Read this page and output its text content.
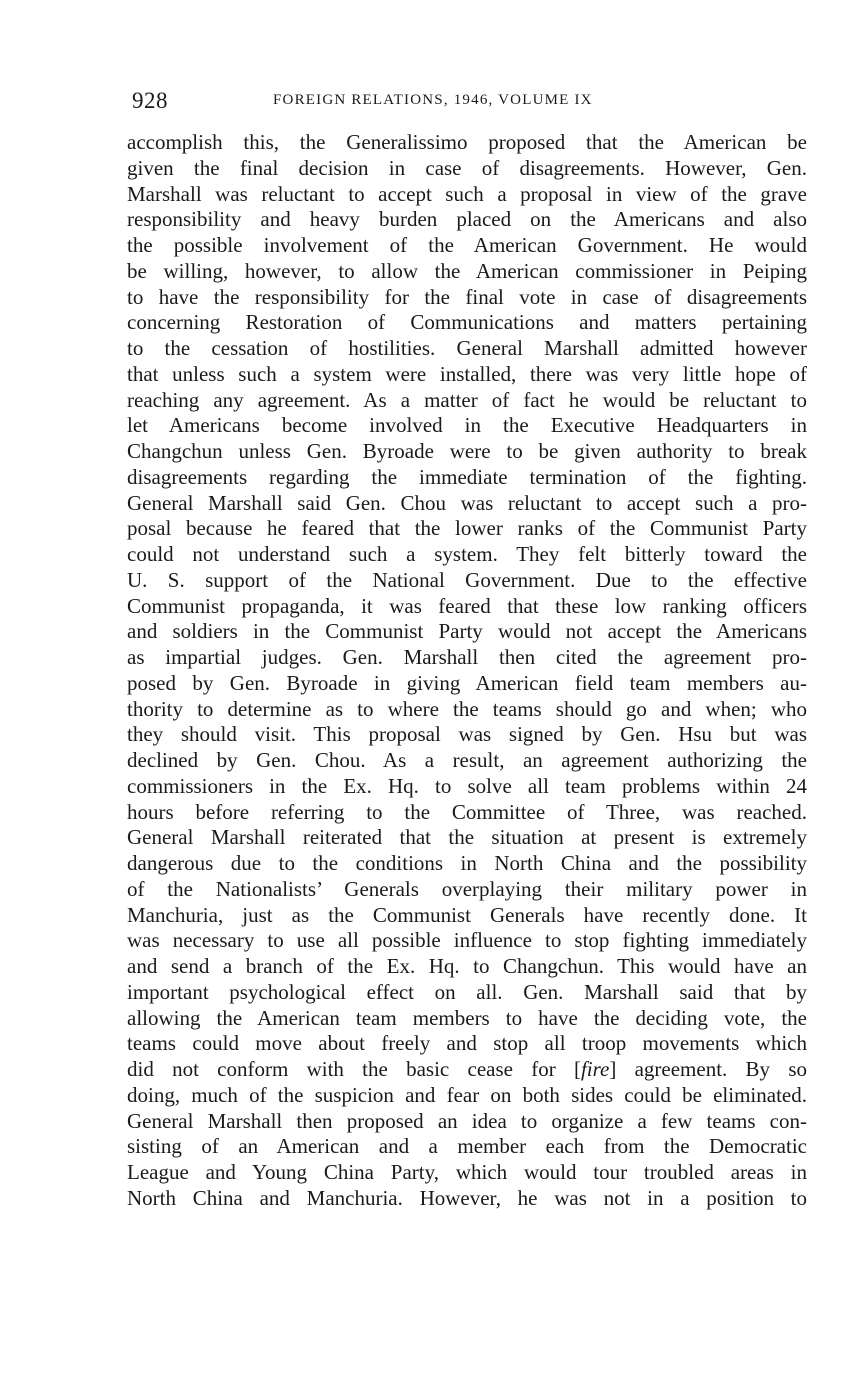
928	FOREIGN RELATIONS, 1946, VOLUME IX
accomplish this, the Generalissimo proposed that the American be
given the final decision in case of disagreements. However, Gen.
Marshall was reluctant to accept such a proposal in view of the grave
responsibility and heavy burden placed on the Americans and also
the possible involvement of the American Government. He would
be willing, however, to allow the American commissioner in Peiping
to have the responsibility for the final vote in case of disagreements
concerning Restoration of Communications and matters pertaining
to the cessation of hostilities. General Marshall admitted however
that unless such a system were installed, there was very little hope of
reaching any agreement. As a matter of fact he would be reluctant to
let Americans become involved in the Executive Headquarters in
Changchun unless Gen. Byroade were to be given authority to break
disagreements regarding the immediate termination of the fighting.
General Marshall said Gen. Chou was reluctant to accept such a pro-
posal because he feared that the lower ranks of the Communist Party
could not understand such a system. They felt bitterly toward the
U. S. support of the National Government. Due to the effective
Communist propaganda, it was feared that these low ranking officers
and soldiers in the Communist Party would not accept the Americans
as impartial judges. Gen. Marshall then cited the agreement pro-
posed by Gen. Byroade in giving American field team members au-
thority to determine as to where the teams should go and when; who
they should visit. This proposal was signed by Gen. Hsu but was
declined by Gen. Chou. As a result, an agreement authorizing the
commissioners in the Ex. Hq. to solve all team problems within 24
hours before referring to the Committee of Three, was reached.
General Marshall reiterated that the situation at present is extremely
dangerous due to the conditions in North China and the possibility
of the Nationalists’ Generals overplaying their military power in
Manchuria, just as the Communist Generals have recently done. It
was necessary to use all possible influence to stop fighting immediately
and send a branch of the Ex. Hq. to Changchun. This would have an
important psychological effect on all. Gen. Marshall said that by
allowing the American team members to have the deciding vote, the
teams could move about freely and stop all troop movements which
did not conform with the basic cease for [fire] agreement. By so
doing, much of the suspicion and fear on both sides could be eliminated.
General Marshall then proposed an idea to organize a few teams con-
sisting of an American and a member each from the Democratic
League and Young China Party, which would tour troubled areas in
North China and Manchuria. However, he was not in a position to
